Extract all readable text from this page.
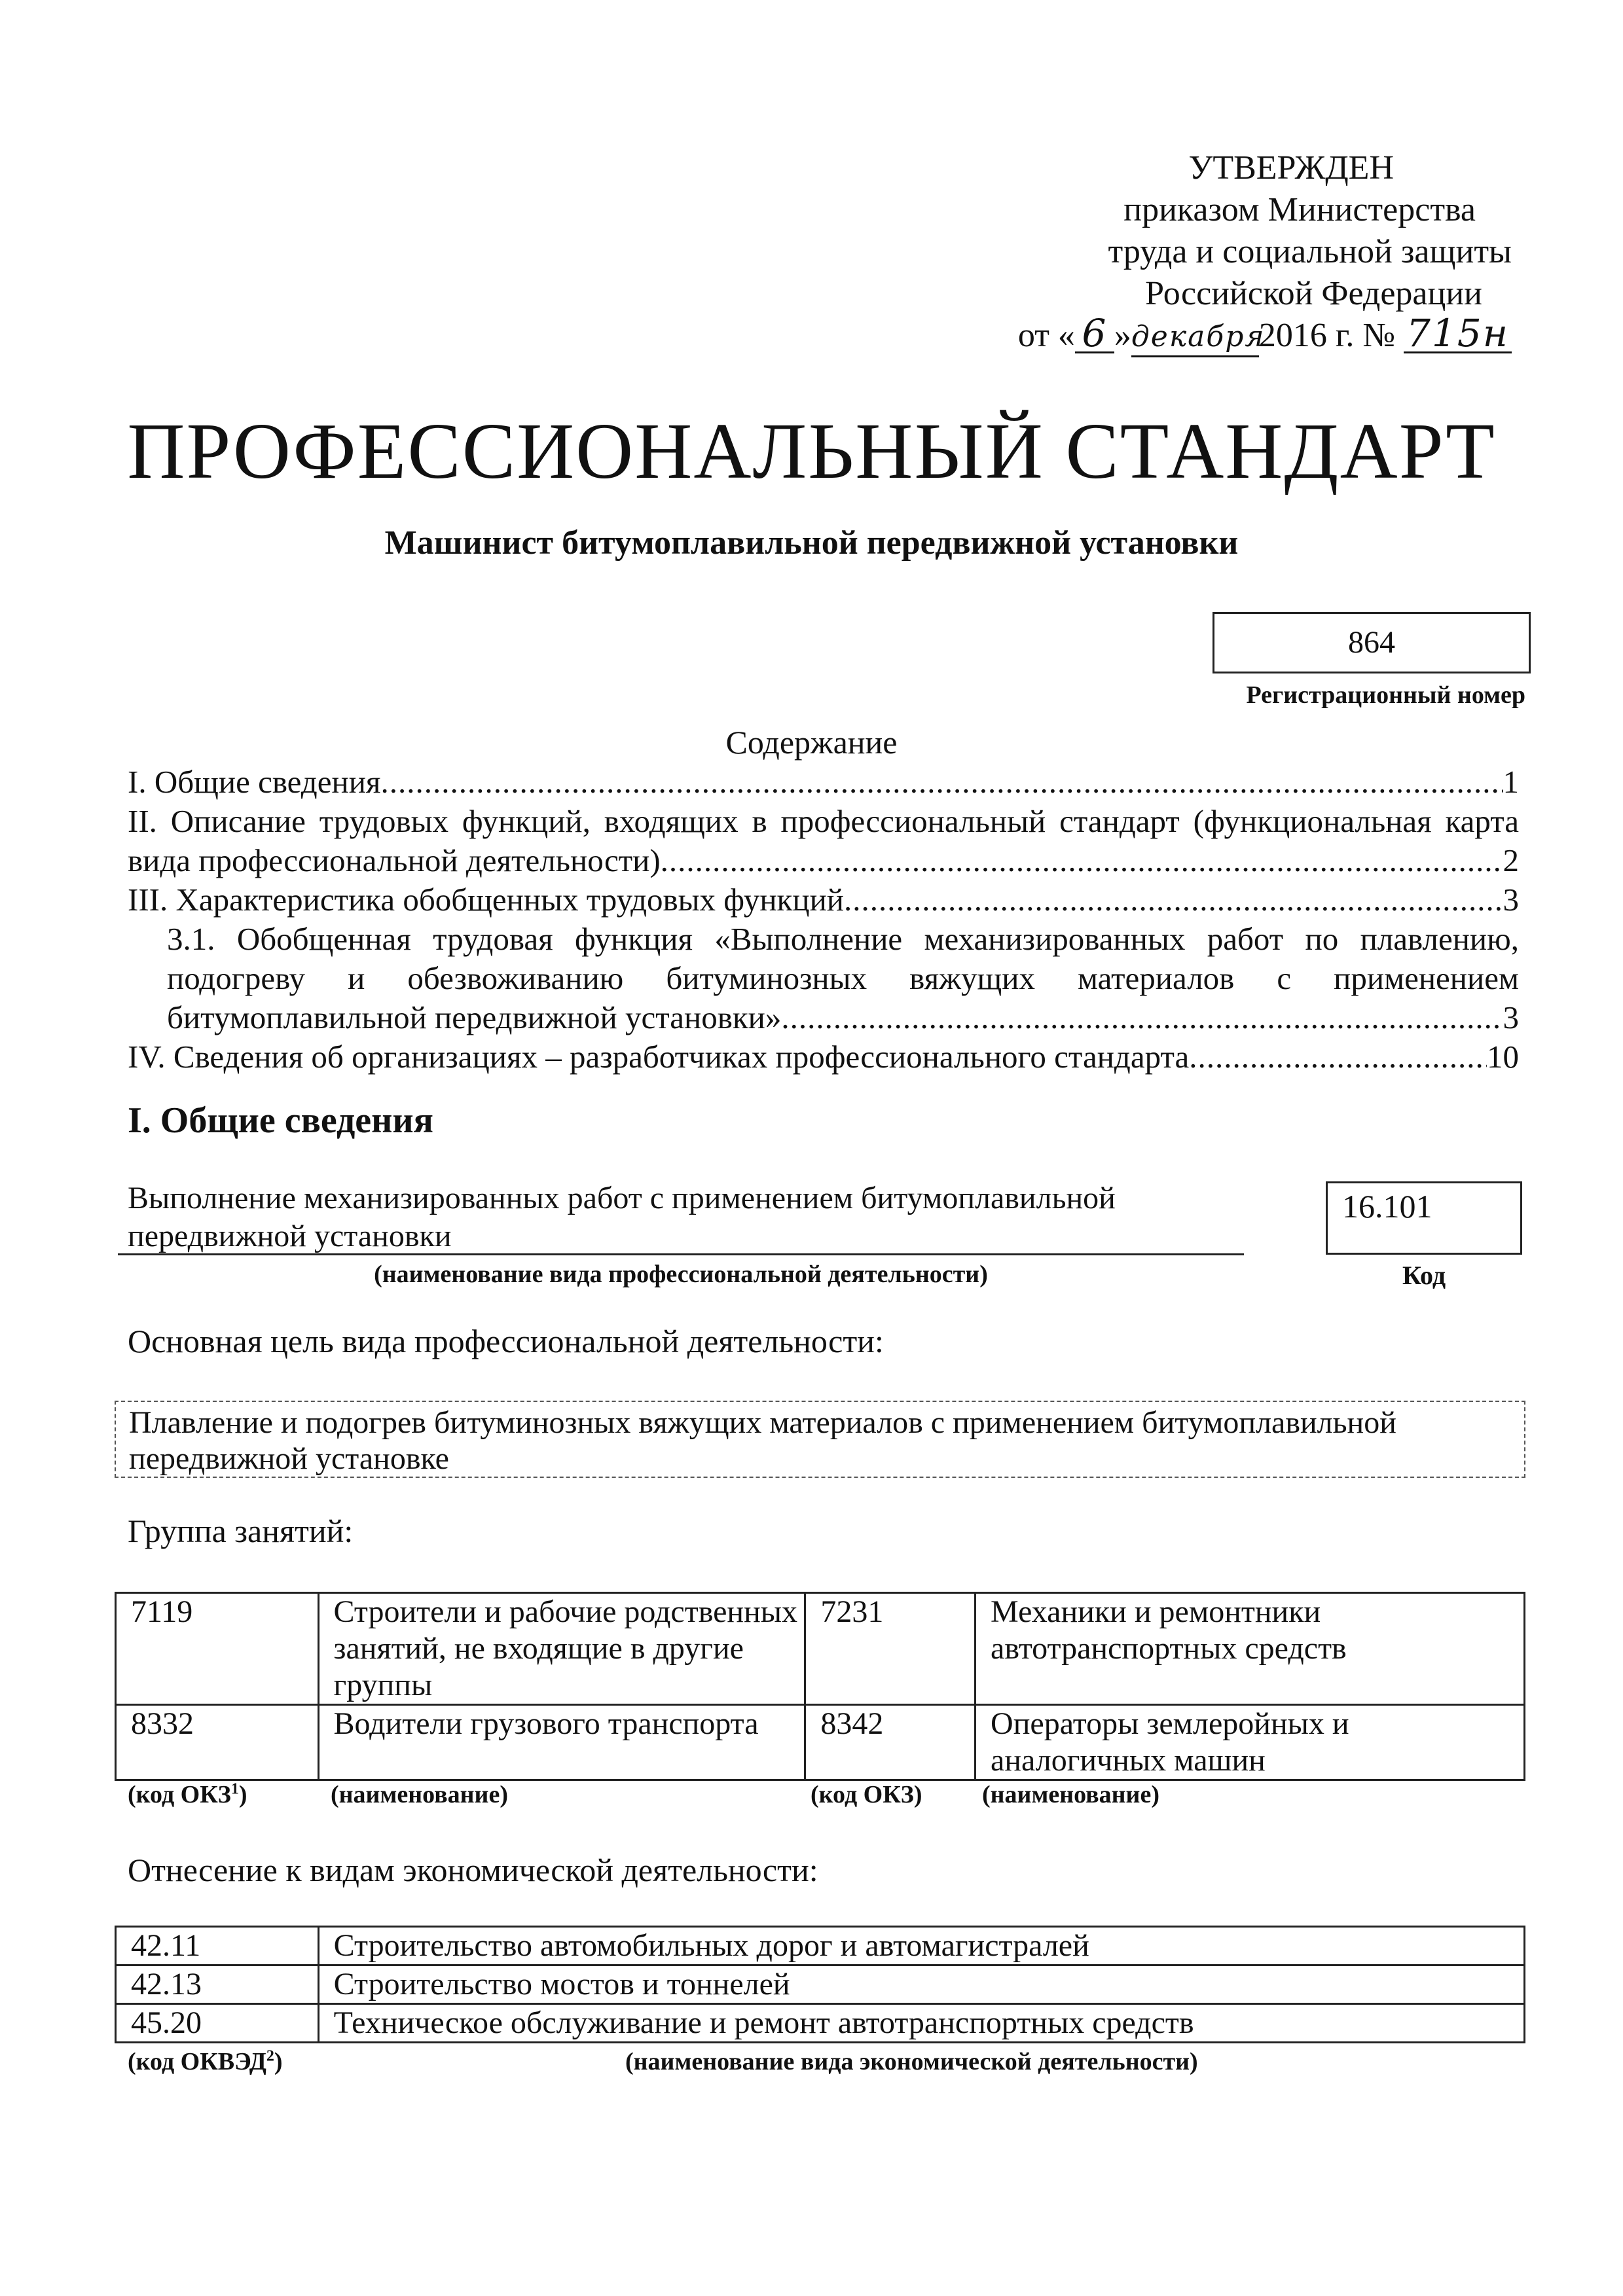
УТВЕРЖДЕН
приказом Министерства
труда и социальной защиты
Российской Федерации
от « 6 »декабря2016 г. № 715н
ПРОФЕССИОНАЛЬНЫЙ СТАНДАРТ
Машинист битумоплавильной передвижной установки
864
Регистрационный номер
Содержание
I. Общие сведения .....	1
II. Описание трудовых функций, входящих в профессиональный стандарт (функциональная карта
вида профессиональной деятельности) .....	2
III. Характеристика обобщенных трудовых функций .....	3
3.1. Обобщенная трудовая функция «Выполнение механизированных работ по плавлению,
подогреву и обезвоживанию битуминозных вяжущих материалов с применением
битумоплавильной передвижной установки» .....	3
IV. Сведения об организациях – разработчиках профессионального стандарта .....	10
I. Общие сведения
Выполнение механизированных работ с применением битумоплавильной передвижной установки
(наименование вида профессиональной деятельности)
16.101
Код
Основная цель вида профессиональной деятельности:
Плавление и подогрев битуминозных вяжущих материалов с применением битумоплавильной передвижной установке
Группа занятий:
7119	Строители и рабочие родственных занятий, не входящие в другие группы	7231	Механики и ремонтники автотранспортных средств
8332	Водители грузового транспорта	8342	Операторы землеройных и аналогичных машин
(код ОКЗ$^1$)	(наименование)	(код ОКЗ) (наименование)
Отнесение к видам экономической деятельности:
42.11	Строительство автомобильных дорог и автомагистралей
42.13	Строительство мостов и тоннелей
45.20	Техническое обслуживание и ремонт автотранспортных средств
(код ОКВЭД$^2$)	(наименование вида экономической деятельности)
